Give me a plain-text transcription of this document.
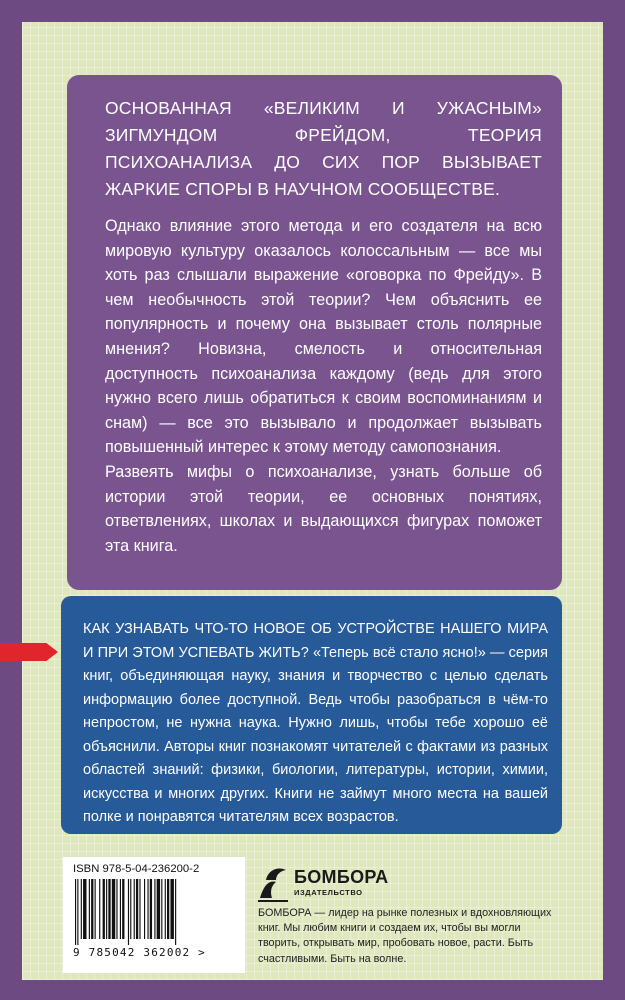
ОСНОВАННАЯ «ВЕЛИКИМ И УЖАСНЫМ» ЗИГМУНДОМ ФРЕЙДОМ, ТЕОРИЯ ПСИХОАНАЛИЗА ДО СИХ ПОР ВЫЗЫВАЕТ ЖАРКИЕ СПОРЫ В НАУЧНОМ СООБЩЕСТВЕ.

Однако влияние этого метода и его создателя на всю мировую культуру оказалось колоссальным — все мы хоть раз слышали выражение «оговорка по Фрейду». В чем необычность этой теории? Чем объяснить ее популярность и почему она вызывает столь полярные мнения? Новизна, смелость и относительная доступность психоанализа каждому (ведь для этого нужно всего лишь обратиться к своим воспоминаниям и снам) — все это вызывало и продолжает вызывать повышенный интерес к этому методу самопознания.

Развеять мифы о психоанализе, узнать больше об истории этой теории, ее основных понятиях, ответвлениях, школах и выдающихся фигурах поможет эта книга.

КАК УЗНАВАТЬ ЧТО-ТО НОВОЕ ОБ УСТРОЙСТВЕ НАШЕГО МИРА И ПРИ ЭТОМ УСПЕВАТЬ ЖИТЬ? «Теперь всё стало ясно!» — серия книг, объединяющая науку, знания и творчество с целью сделать информацию более доступной. Ведь чтобы разобраться в чём-то непростом, не нужна наука. Нужно лишь, чтобы тебе хорошо её объяснили. Авторы книг познакомят читателей с фактами из разных областей знаний: физики, биологии, литературы, истории, химии, искусства и многих других. Книги не займут много места на вашей полке и понравятся читателям всех возрастов.
ISBN 978-5-04-236200-2
9 785042 362002 >
БОМБОРА
ИЗДАТЕЛЬСТВО
БОМБОРА — лидер на рынке полезных и вдохновляющих книг. Мы любим книги и создаем их, чтобы вы могли творить, открывать мир, пробовать новое, расти. Быть счастливыми. Быть на волне.
